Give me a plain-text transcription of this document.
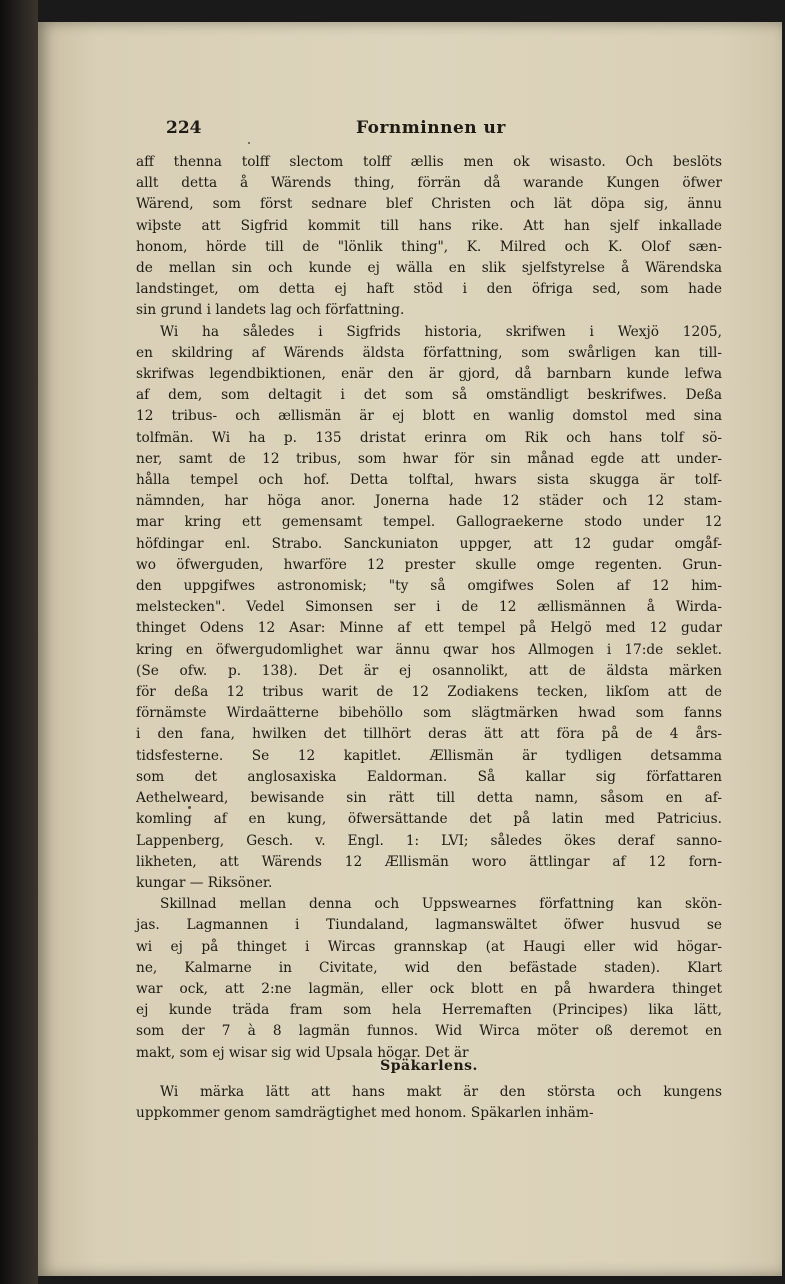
224	Fornminnen ur
aff thenna tolff slectom tolff ællis men ok wisasto. Och beslöts
allt detta å Wärends thing, förrän då warande Kungen öfwer
Wärend, som först sednare blef Christen och lät döpa sig, ännu
wiþste att Sigfrid kommit till hans rike. Att han sjelf inkallade
honom, hörde till de "lönlik thing", K. Milred och K. Olof sæn-
de mellan sin och kunde ej wälla en slik sjelfstyrelse å Wärendska
landstinget, om detta ej haft stöd i den öfriga sed, som hade
sin grund i landets lag och författning.
Wi ha således i Sigfrids historia, skrifwen i Wexjö 1205,
en skildring af Wärends äldsta författning, som swårligen kan till-
skrifwas legendbiktionen, enär den är gjord, då barnbarn kunde lefwa
af dem, som deltagit i det som så omständligt beskrifwes. Deßa
12 tribus- och ællismän är ej blott en wanlig domstol med sina
tolfmän. Wi ha p. 135 dristat erinra om Rik och hans tolf sö-
ner, samt de 12 tribus, som hwar för sin månad egde att under-
hålla tempel och hof. Detta tolftal, hwars sista skugga är tolf-
nämnden, har höga anor. Jonerna hade 12 städer och 12 stam-
mar kring ett gemensamt tempel. Gallograekerne stodo under 12
höfdingar enl. Strabo. Sanckuniaton uppger, att 12 gudar omgåf-
wo öfwerguden, hwarföre 12 prester skulle omge regenten. Grun-
den uppgifwes astronomisk; "ty så omgifwes Solen af 12 him-
melstecken". Vedel Simonsen ser i de 12 ællismännen å Wirda-
thinget Odens 12 Asar: Minne af ett tempel på Helgö med 12 gudar
kring en öfwergudomlighet war ännu qwar hos Allmogen i 17:de seklet.
(Se ofw. p. 138). Det är ej osannolikt, att de äldsta märken
för deßa 12 tribus warit de 12 Zodiakens tecken, likſom att de
förnämste Wirdaätterne bibehöllo som slägtmärken hwad som fanns
i den fana, hwilken det tillhört deras ätt att föra på de 4 års-
tidsfesterne. Se 12 kapitlet. Ællismän är tydligen detsamma
som det anglosaxiska Ealdorman. Så kallar sig författaren
Aethelweard, bewisande sin rätt till detta namn, såsom en af-
komling af en kung, öfwersättande det på latin med Patricius.
Lappenberg, Gesch. v. Engl. 1: LVI; således ökes deraf sanno-
likheten, att Wärends 12 Ællismän woro ättlingar af 12 forn-
kungar — Riksöner.
Skillnad mellan denna och Uppswearnes författning kan skön-
jas. Lagmannen i Tiundaland, lagmanswältet öfwer husvud se
wi ej på thinget i Wircas grannskap (at Haugi eller wid högar-
ne, Kalmarne in Civitate, wid den befästade staden). Klart
war ock, att 2:ne lagmän, eller ock blott en på hwardera thinget
ej kunde träda fram som hela Herremaften (Principes) lika lätt,
som der 7 à 8 lagmän funnos. Wid Wirca möter oß deremot en
makt, som ej wisar sig wid Upsala högar. Det är
Späkarlens.
Wi märka lätt att hans makt är den största och kungens
uppkommer genom samdrägtighet med honom. Späkarlen inhäm-
